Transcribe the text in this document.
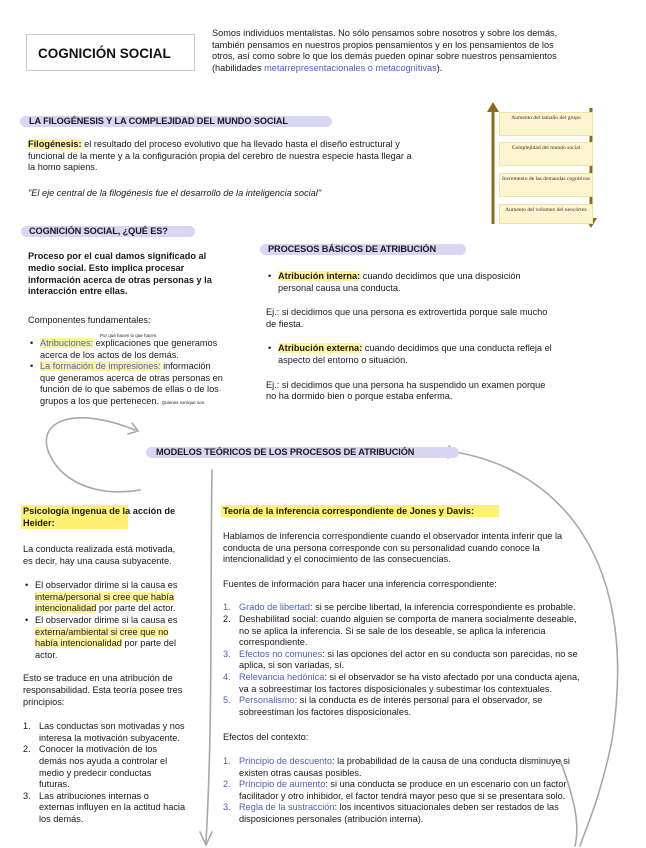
COGNICIÓN SOCIAL
Somos individuos mentalistas. No sólo pensamos sobre nosotros y sobre los demás,
también pensamos en nuestros propios pensamientos y en los pensamientos de los
otros, así como sobre lo que los demás pueden opinar sobre nuestros pensamientos
(habilidades metarrepresentacionales o metacognitivas).
LA FILOGÉNESIS Y LA COMPLEJIDAD DEL MUNDO SOCIAL
Filogénesis: el resultado del proceso evolutivo que ha llevado hasta el diseño estructural y
funcional de la mente y a la configuración propia del cerebro de nuestra especie hasta llegar a
la homo sapiens.
"El eje central de la filogénesis fue el desarrollo de la inteligencia social"
Aumento del tamaño del grupo
Complejidad del mundo social
Incremento de las demandas cognitivas
Aumento del volumen del neocórtex
COGNICIÓN SOCIAL, ¿QUÉ ES?
Proceso por el cual damos significado al
medio social. Esto implica procesar
información acerca de otras personas y la
interacción entre ellas.
Componentes fundamentales:
Por qué hacen lo que hacen
• Atribuciones: explicaciones que generamos
acerca de los actos de los demás.
• La formación de impresiones: información
que generamos acerca de otras personas en
función de lo que sabemos de ellas o de los
grupos a los que pertenecen. Quienes son/que son
PROCESOS BÁSICOS DE ATRIBUCIÓN
• Atribución interna: cuando decidimos que una disposición
personal causa una conducta.
Ej.: si decidimos que una persona es extrovertida porque sale mucho
de fiesta.
• Atribución externa: cuando decidimos que una conducta refleja el
aspecto del entorno o situación.
Ej.: si decidimos que una persona ha suspendido un examen porque
no ha dormido bien o porque estaba enferma.
MODELOS TEÓRICOS DE LOS PROCESOS DE ATRIBUCIÓN
Psicología ingenua de la acción de
Heider:
La conducta realizada está motivada,
es decir, hay una causa subyacente.
• El observador dirime si la causa es
interna/personal si cree que había
intencionalidad por parte del actor.
• El observador dirime si la causa es
externa/ambiental si cree que no
había intencionalidad por parte del
actor.
Esto se traduce en una atribución de
responsabilidad. Esta teoría posee tres
principios:
1. Las conductas son motivadas y nos
interesa la motivación subyacente.
2. Conocer la motivación de los
demás nos ayuda a controlar el
medio y predecir conductas
futuras.
3. Las atribuciones internas o
externas influyen en la actitud hacia
los demás.
Teoría de la inferencia correspondiente de Jones y Davis:
Hablamos de inferencia correspondiente cuando el observador intenta inferir que la
conducta de una persona corresponde con su personalidad cuando conoce la
intencionalidad y el conocimiento de las consecuencias.
Fuentes de información para hacer una inferencia correspondiente:
1. Grado de libertad: si se percibe libertad, la inferencia correspondiente es probable.
2. Deshabilitad social: cuando alguien se comporta de manera socialmente deseable,
no se aplica la inferencia. Si se sale de los deseable, se aplica la inferencia
correspondiente.
3. Efectos no comunes: si las opciones del actor en su conducta son parecidas, no se
aplica, si son variadas, sí.
4. Relevancia hedónica: si el observador se ha visto afectado por una conducta ajena,
va a sobreestimar los factores disposicionales y subestimar los contextuales.
5. Personalismo: si la conducta es de interés personal para el observador, se
sobreestiman los factores disposicionales.
Efectos del contexto:
1. Principio de descuento: la probabilidad de la causa de una conducta disminuye si
existen otras causas posibles.
2. Principio de aumento: si una conducta se produce en un escenario con un factor
facilitador y otro inhibidor, el factor tendrá mayor peso que si se presentara solo.
3. Regla de la sustracción: los incentivos situacionales deben ser restados de las
disposiciones personales (atribución interna).
